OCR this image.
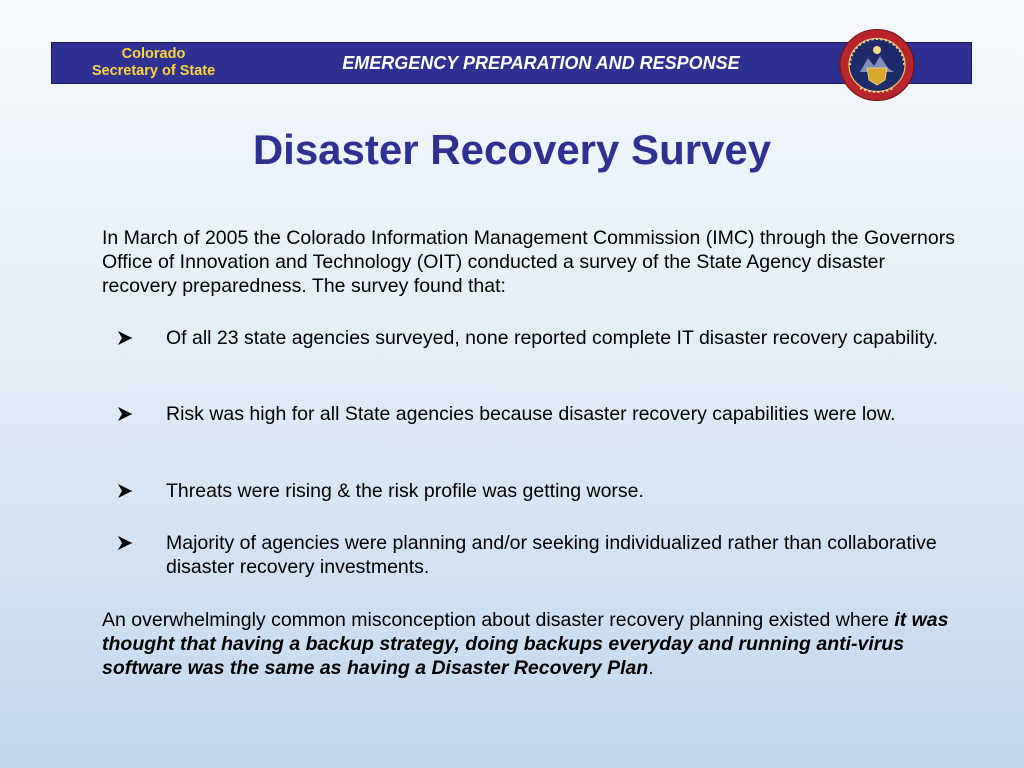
Colorado
Secretary of State	EMERGENCY PREPARATION AND RESPONSE
Disaster Recovery Survey
In March of 2005 the Colorado Information Management Commission (IMC) through the Governors Office of Innovation and Technology (OIT) conducted a survey of the State Agency disaster recovery preparedness. The survey found that:
Of all 23 state agencies surveyed, none reported complete IT disaster recovery capability.
Risk was high for all State agencies because disaster recovery capabilities were low.
Threats were rising & the risk profile was getting worse.
Majority of agencies were planning and/or seeking individualized rather than collaborative disaster recovery investments.
An overwhelmingly common misconception about disaster recovery planning existed where it was thought that having a backup strategy, doing backups everyday and running anti-virus software was the same as having a Disaster Recovery Plan.
